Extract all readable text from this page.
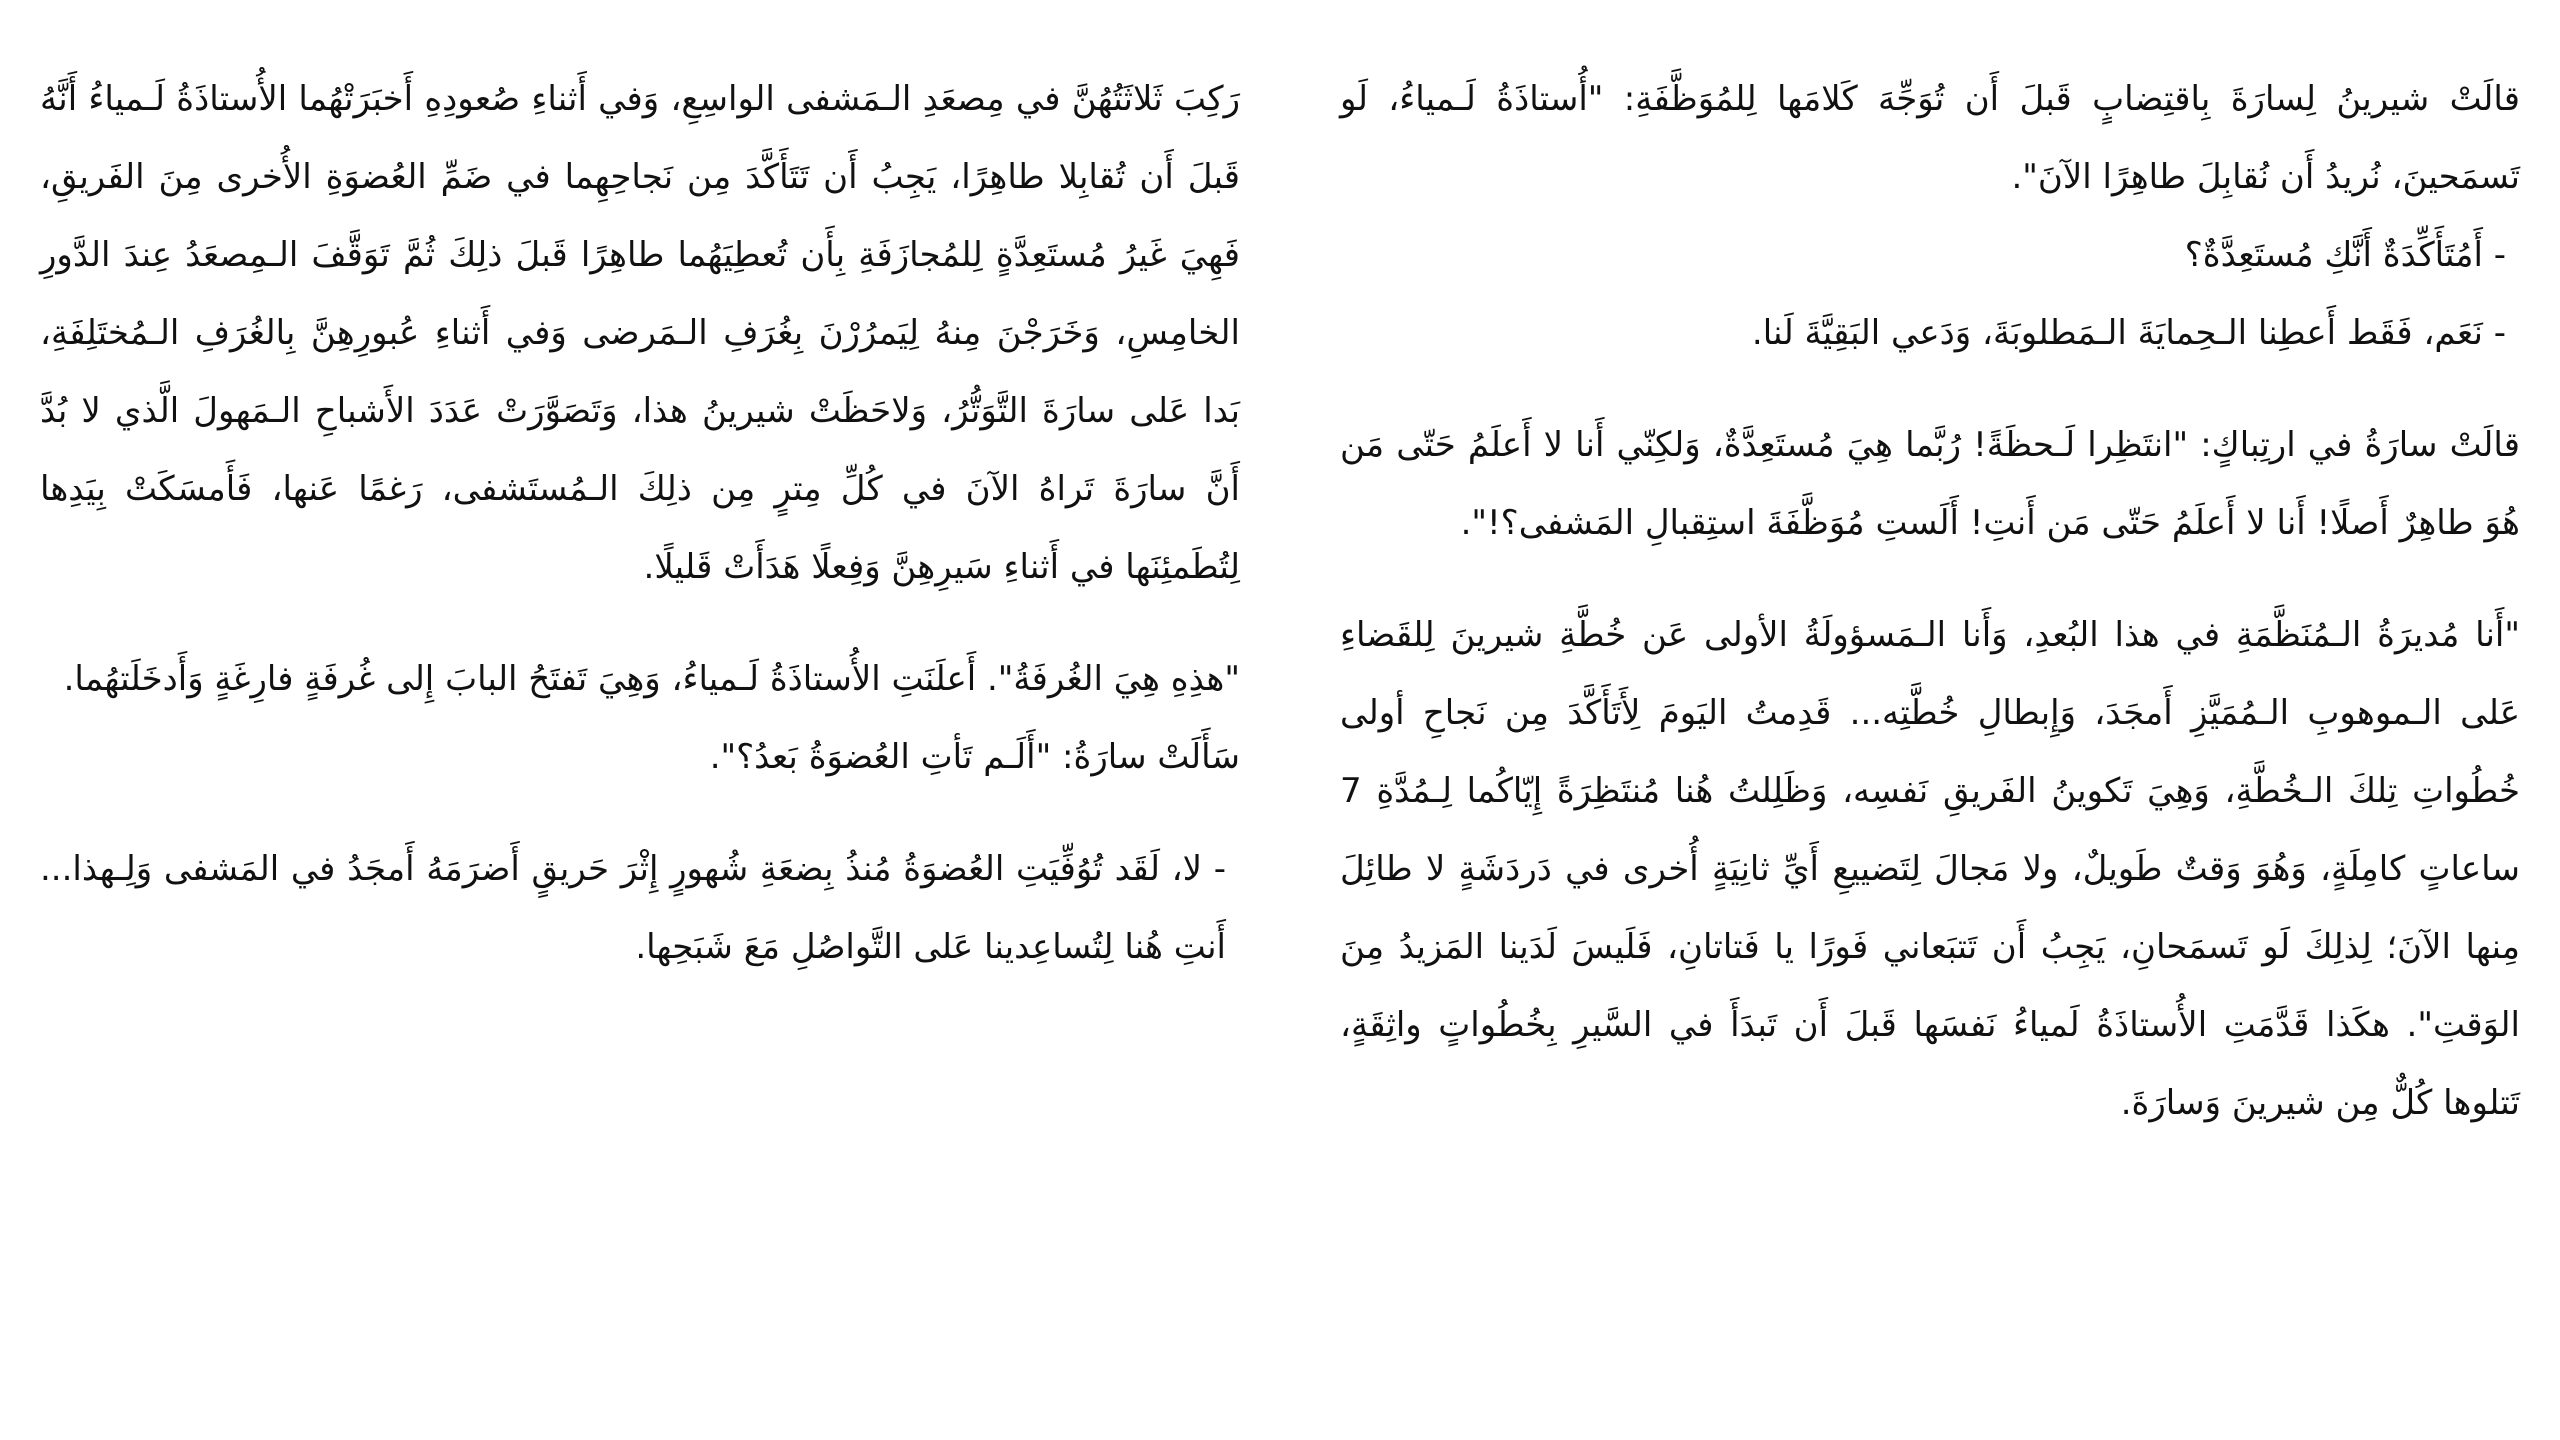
قالَتْ شيرينُ لِسارَةَ بِاقتِضابٍ قَبلَ أَن تُوَجِّهَ كَلامَها لِلمُوَظَّفَةِ: "أُستاذَةُ لَـمياءُ، لَو تَسمَحينَ، نُريدُ أَن نُقابِلَ طاهِرًا الآنَ".

- أَمُتَأَكِّدَةٌ أَنَّكِ مُستَعِدَّةٌ؟

- نَعَم، فَقَط أَعطِنا الـحِمايَةَ الـمَطلوبَةَ، وَدَعي البَقِيَّةَ لَنا.

قالَتْ سارَةُ في ارتِباكٍ: "انتَظِرا لَـحظَةً! رُبَّما هِيَ مُستَعِدَّةٌ، وَلكِنّي أَنا لا أَعلَمُ حَتّى مَن هُوَ طاهِرٌ أَصلًا! أَنا لا أَعلَمُ حَتّى مَن أَنتِ! أَلَستِ مُوَظَّفَةَ استِقبالِ المَشفى؟!".

"أَنا مُديرَةُ الـمُنَظَّمَةِ في هذا البُعدِ، وَأَنا الـمَسؤولَةُ الأولى عَن خُطَّةِ شيرينَ لِلقَضاءِ عَلى الـموهوبِ الـمُمَيَّزِ أَمجَدَ، وَإِبطالِ خُطَّتِه... قَدِمتُ اليَومَ لِأَتَأَكَّدَ مِن نَجاحِ أولى خُطُواتِ تِلكَ الـخُطَّةِ، وَهِيَ تَكوينُ الفَريقِ نَفسِه، وَظَلِلتُ هُنا مُنتَظِرَةً إِيّاكُما لِـمُدَّةِ 7 ساعاتٍ كامِلَةٍ، وَهُوَ وَقتٌ طَويلٌ، ولا مَجالَ لِتَضييعِ أَيِّ ثانِيَةٍ أُخرى في دَردَشَةٍ لا طائِلَ مِنها الآنَ؛ لِذلِكَ لَو تَسمَحانِ، يَجِبُ أَن تَتبَعاني فَورًا يا فَتاتانِ، فَلَيسَ لَدَينا المَزيدُ مِنَ الوَقتِ". هكَذا قَدَّمَتِ الأُستاذَةُ لَمياءُ نَفسَها قَبلَ أَن تَبدَأَ في السَّيرِ بِخُطُواتٍ واثِقَةٍ، تَتلوها كُلٌّ مِن شيرينَ وَسارَةَ.

رَكِبَ ثَلاثَتُهُنَّ في مِصعَدِ الـمَشفى الواسِعِ، وَفي أَثناءِ صُعودِهِ أَخبَرَتْهُما الأُستاذَةُ لَـمياءُ أَنَّهُ قَبلَ أَن تُقابِلا طاهِرًا، يَجِبُ أَن تَتَأَكَّدَ مِن نَجاحِهِما في ضَمِّ العُضوَةِ الأُخرى مِنَ الفَريقِ، فَهِيَ غَيرُ مُستَعِدَّةٍ لِلمُجازَفَةِ بِأَن تُعطِيَهُما طاهِرًا قَبلَ ذلِكَ ثُمَّ تَوَقَّفَ الـمِصعَدُ عِندَ الدَّورِ الخامِسِ، وَخَرَجْنَ مِنهُ لِيَمرُرْنَ بِغُرَفِ الـمَرضى وَفي أَثناءِ عُبورِهِنَّ بِالغُرَفِ الـمُختَلِفَةِ، بَدا عَلى سارَةَ التَّوَتُّرُ، وَلاحَظَتْ شيرينُ هذا، وَتَصَوَّرَتْ عَدَدَ الأَشباحِ الـمَهولَ الَّذي لا بُدَّ أَنَّ سارَةَ تَراهُ الآنَ في كُلِّ مِترٍ مِن ذلِكَ الـمُستَشفى، رَغمًا عَنها، فَأَمسَكَتْ بِيَدِها لِتُطَمئِنَها في أَثناءِ سَيرِهِنَّ وَفِعلًا هَدَأَتْ قَليلًا.

"هذِهِ هِيَ الغُرفَةُ". أَعلَنَتِ الأُستاذَةُ لَـمياءُ، وَهِيَ تَفتَحُ البابَ إِلى غُرفَةٍ فارِغَةٍ وَأَدخَلَتهُما.

سَأَلَتْ سارَةُ: "أَلَـم تَأتِ العُضوَةُ بَعدُ؟".

- لا، لَقَد تُوُفِّيَتِ العُضوَةُ مُنذُ بِضعَةِ شُهورٍ إِثْرَ حَريقٍ أَضرَمَهُ أَمجَدُ في المَشفى وَلِـهذا... أَنتِ هُنا لِتُساعِدينا عَلى التَّواصُلِ مَعَ شَبَحِها.
